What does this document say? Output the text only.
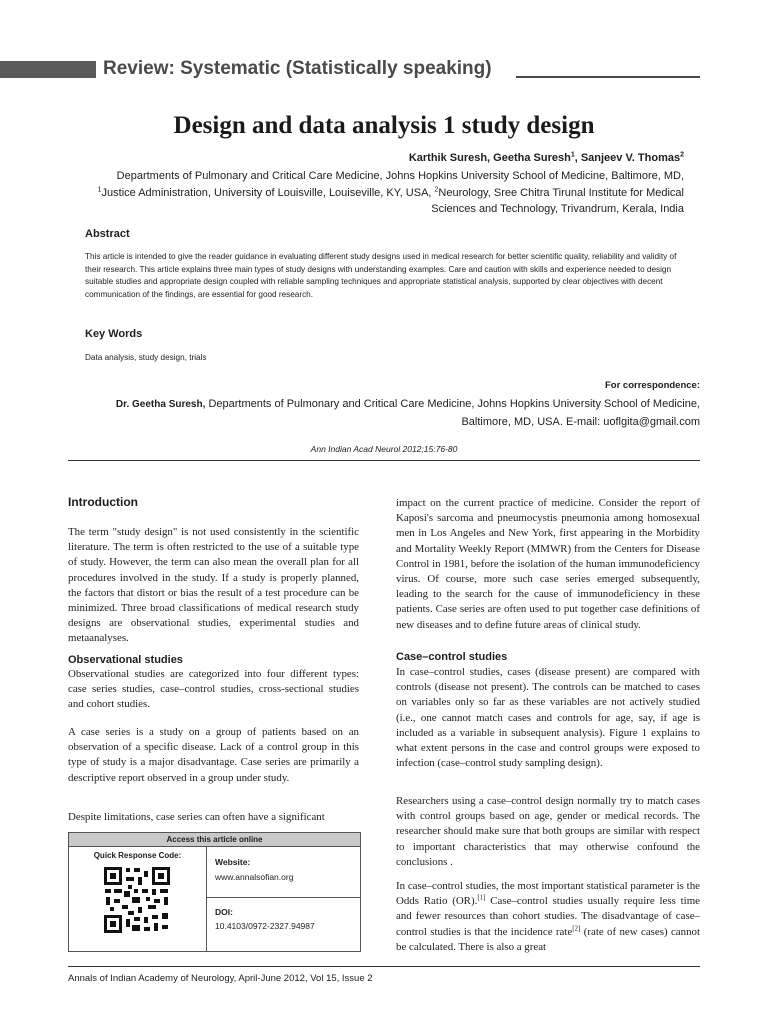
Review: Systematic (Statistically speaking)
Design and data analysis 1 study design
Karthik Suresh, Geetha Suresh$^1$, Sanjeev V. Thomas$^2$
Departments of Pulmonary and Critical Care Medicine, Johns Hopkins University School of Medicine, Baltimore, MD,
$^1$Justice Administration, University of Louisville, Louiseville, KY, USA, $^2$Neurology, Sree Chitra Tirunal Institute for Medical
Sciences and Technology, Trivandrum, Kerala, India
Abstract
This article is intended to give the reader guidance in evaluating different study designs used in medical research for better scientific quality, reliability and validity of their research. This article explains three main types of study designs with understanding examples. Care and caution with skills and experience needed to design suitable studies and appropriate design coupled with reliable sampling techniques and appropriate statistical analysis, supported by clear objectives with decent communication of the findings, are essential for good research.
Key Words
Data analysis, study design, trials
For correspondence:
Dr. Geetha Suresh, Departments of Pulmonary and Critical Care Medicine, Johns Hopkins University School of Medicine,
Baltimore, MD, USA. E-mail: uoflgita@gmail.com
Ann Indian Acad Neurol 2012;15:76-80
Introduction
The term "study design" is not used consistently in the scientific literature. The term is often restricted to the use of a suitable type of study. However, the term can also mean the overall plan for all procedures involved in the study. If a study is properly planned, the factors that distort or bias the result of a test procedure can be minimized. Three broad classifications of medical research study designs are observational studies, experimental studies and metaanalyses.
Observational studies
Observational studies are categorized into four different types: case series studies, case–control studies, cross-sectional studies and cohort studies.
A case series is a study on a group of patients based on an observation of a specific disease. Lack of a control group in this type of study is a major disadvantage. Case series are primarily a descriptive report observed in a group under study.
Despite limitations, case series can often have a significant
Access this article online
Quick Response Code:
Website:
www.annalsofian.org
DOI:
10.4103/0972-2327.94987
impact on the current practice of medicine. Consider the report of Kaposi's sarcoma and pneumocystis pneumonia among homosexual men in Los Angeles and New York, first appearing in the Morbidity and Mortality Weekly Report (MMWR) from the Centers for Disease Control in 1981, before the isolation of the human immunodeficiency virus. Of course, more such case series emerged subsequently, leading to the search for the cause of immunodeficiency in these patients. Case series are often used to put together case definitions of new diseases and to define future areas of clinical study.
Case–control studies
In case–control studies, cases (disease present) are compared with controls (disease not present). The controls can be matched to cases on variables only so far as these variables are not actively studied (i.e., one cannot match cases and controls for age, say, if age is included as a variable in subsequent analysis). Figure 1 explains to what extent persons in the case and control groups were exposed to infection (case–control study sampling design).
Researchers using a case–control design normally try to match cases with control groups based on age, gender or medical records. The researcher should make sure that both groups are similar with respect to important characteristics that may otherwise confound the conclusions .
In case–control studies, the most important statistical parameter is the Odds Ratio (OR).[1] Case–control studies usually require less time and fewer resources than cohort studies. The disadvantage of case–control studies is that the incidence rate[2] (rate of new cases) cannot be calculated. There is also a great
Annals of Indian Academy of Neurology, April-June 2012, Vol 15, Issue 2
